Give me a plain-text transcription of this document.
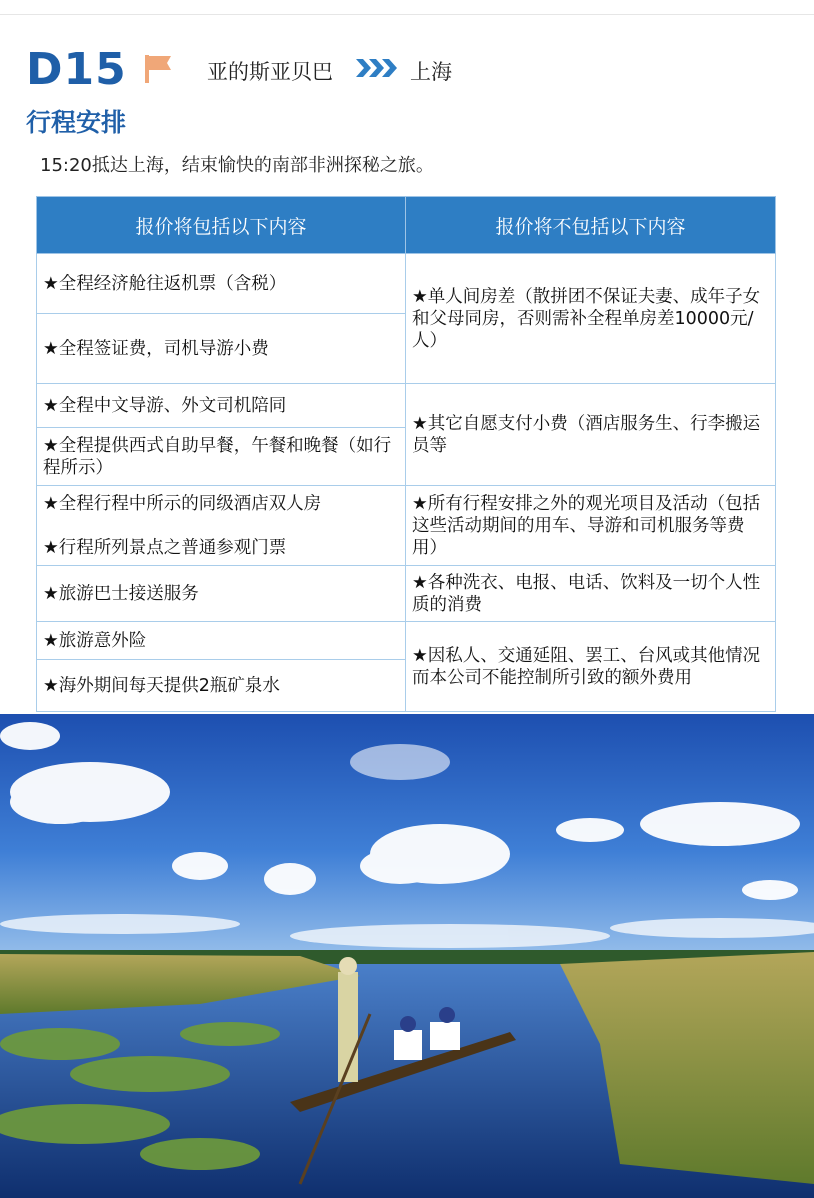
D15	亚的斯亚贝巴	上海
行程安排
15:20抵达上海，结束愉快的南部非洲探秘之旅。
报价将包括以下内容	报价将不包括以下内容
★全程经济舱往返机票（含税）	★单人间房差（散拼团不保证夫妻、成年子女和父母同房，否则需补全程单房差10000元/人）
★全程签证费，司机导游小费	
★全程中文导游、外文司机陪同	★其它自愿支付小费（酒店服务生、行李搬运员等
★全程提供西式自助早餐，午餐和晚餐（如行程所示）	

★全程行程中所示的同级酒店双人房
★行程所列景点之普通参观门票	★所有行程安排之外的观光项目及活动（包括这些活动期间的用车、导游和司机服务等费用）
★旅游巴士接送服务	★各种洗衣、电报、电话、饮料及一切个人性质的消费
★旅游意外险	★因私人、交通延阻、罢工、台风或其他情况而本公司不能控制所引致的额外费用
★海外期间每天提供2瓶矿泉水	
